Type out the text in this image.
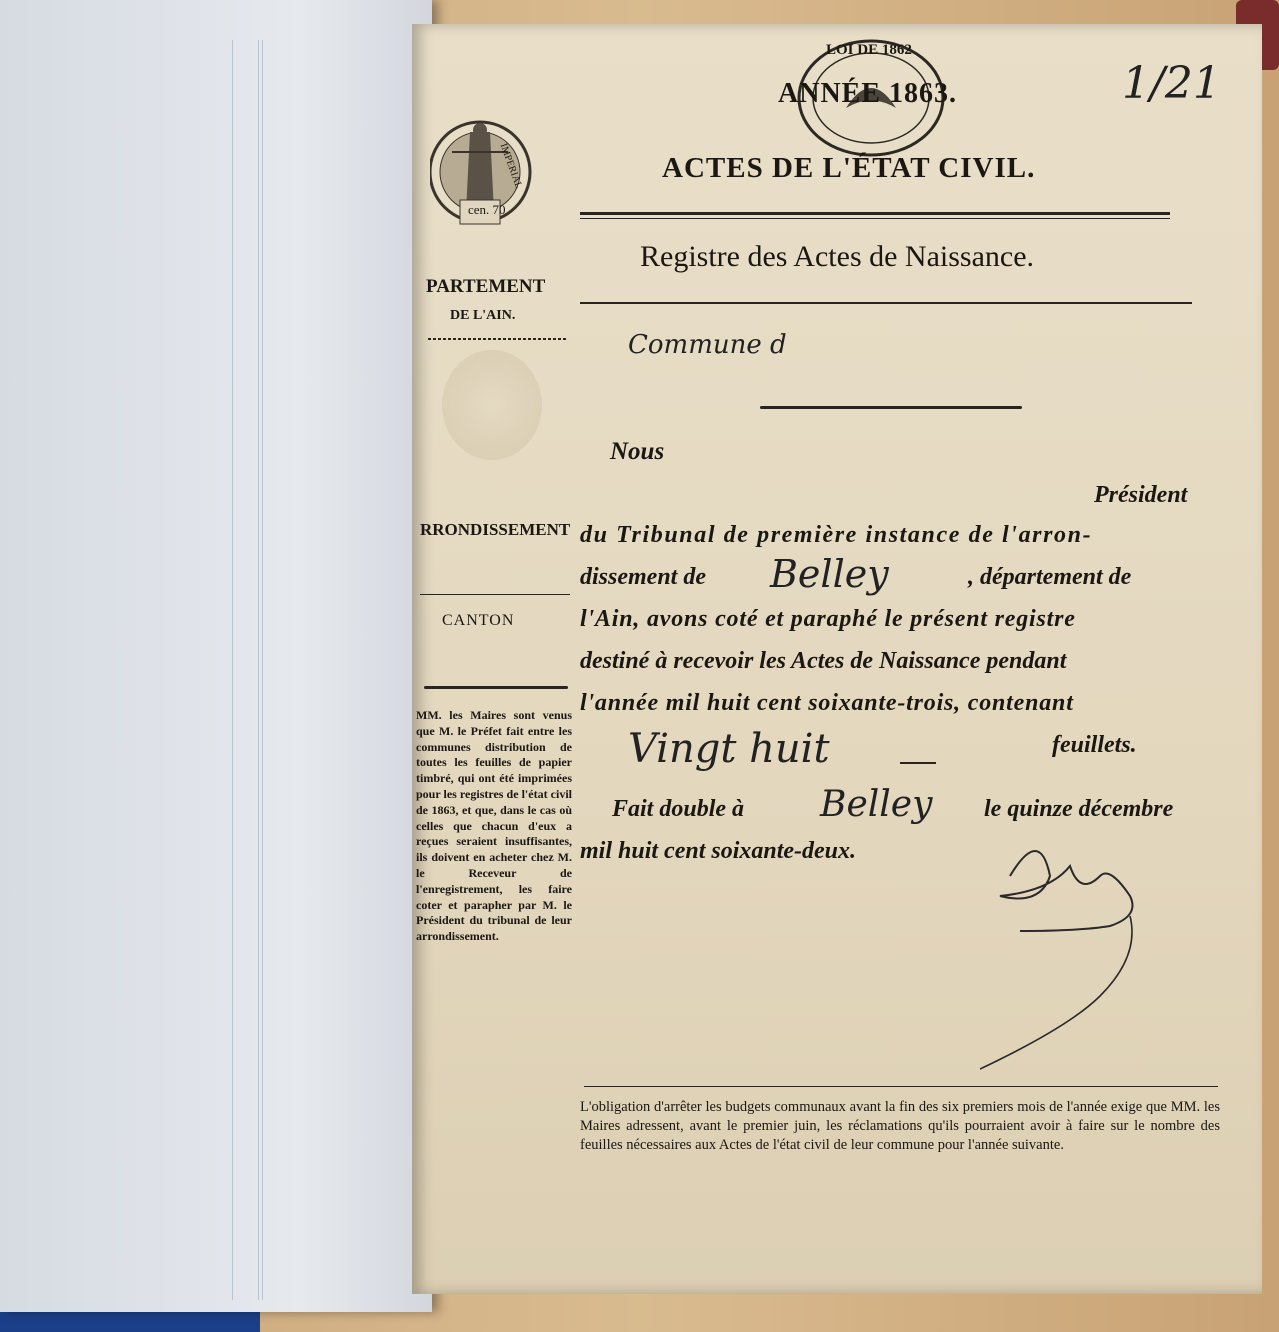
IMPERIAL
cen. 70
LOI DE 1862
1/21
ANNÉE 1863.
ACTES DE L'ÉTAT CIVIL.
Registre des Actes de Naissance.
PARTEMENT
DE L'AIN.
RRONDISSEMENT
CANTON
MM. les Maires sont venus que M. le Préfet fait entre les communes distribution de toutes les feuilles de papier timbré, qui ont été imprimées pour les registres de l'état civil de 1863, et que, dans le cas où celles que chacun d'eux a reçues seraient insuffisantes, ils doivent en acheter chez M. le Receveur de l'enregistrement, les faire coter et parapher par M. le Président du tribunal de leur arrondissement.
Commune d
Nous
Président
du Tribunal de première instance de l'arron-
dissement de Belley	, département de
l'Ain, avons coté et paraphé le présent registre
destiné à recevoir les Actes de Naissance pendant
l'année mil huit cent soixante-trois, contenant
Vingt huit	feuillets.
Fait double à Belley le quinze décembre
mil huit cent soixante-deux.
L'obligation d'arrêter les budgets communaux avant la fin des six premiers mois de l'année exige que MM. les Maires adressent, avant le premier juin, les réclamations qu'ils pourraient avoir à faire sur le nombre des feuilles nécessaires aux Actes de l'état civil de leur commune pour l'année suivante.
